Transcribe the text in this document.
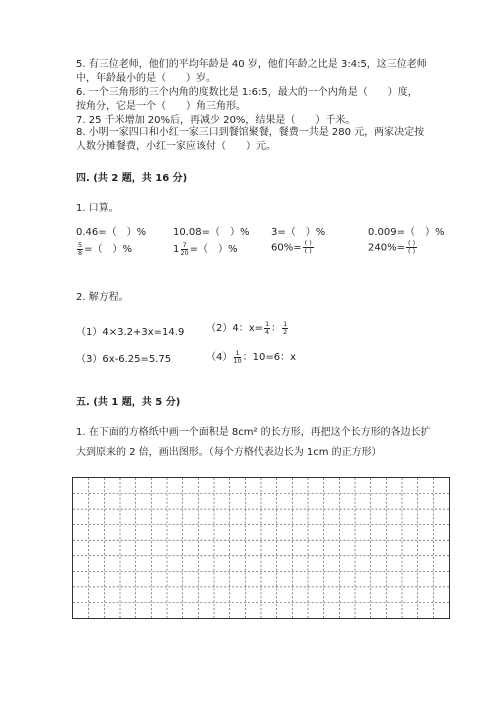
5. 有三位老师，他们的平均年龄是 40 岁，他们年龄之比是 3:4:5，这三位老师
中，年龄最小的是（　　）岁。
6. 一个三角形的三个内角的度数比是 1:6:5，最大的一个内角是（　　）度，
按角分，它是一个（　　）角三角形。
7. 25 千米增加 20%后，再减少 20%，结果是（　　）千米。
8. 小明一家四口和小红一家三口到餐馆聚餐，餐费一共是 280 元，两家决定按
人数分摊餐费，小红一家应该付（　　）元。
四. (共 2 题，共 16 分)
1. 口算。
0.46=（　）%	10.08=（　）% 3=（　）%	0.009=（　）%
$\frac{5}{8}$ =（　）%	$1 \frac{7}{20}$ =（　）%	$60\%= \frac{( )}{( )}$	$240\%= \frac{( )}{( )}$
2. 解方程。
（1）4×3.2+3x=14.9 （2）4：$x= \frac{1}{4}$ ： $\frac{1}{2}$
（3）6x-6.25=5.75	$(4) \frac{1}{10}$ ：10=6：x
五. (共 1 题，共 5 分)
1. 在下面的方格纸中画一个面积是 8cm² 的长方形，再把这个长方形的各边长扩
大到原来的 2 倍，画出图形。（每个方格代表边长为 1cm 的正方形）
